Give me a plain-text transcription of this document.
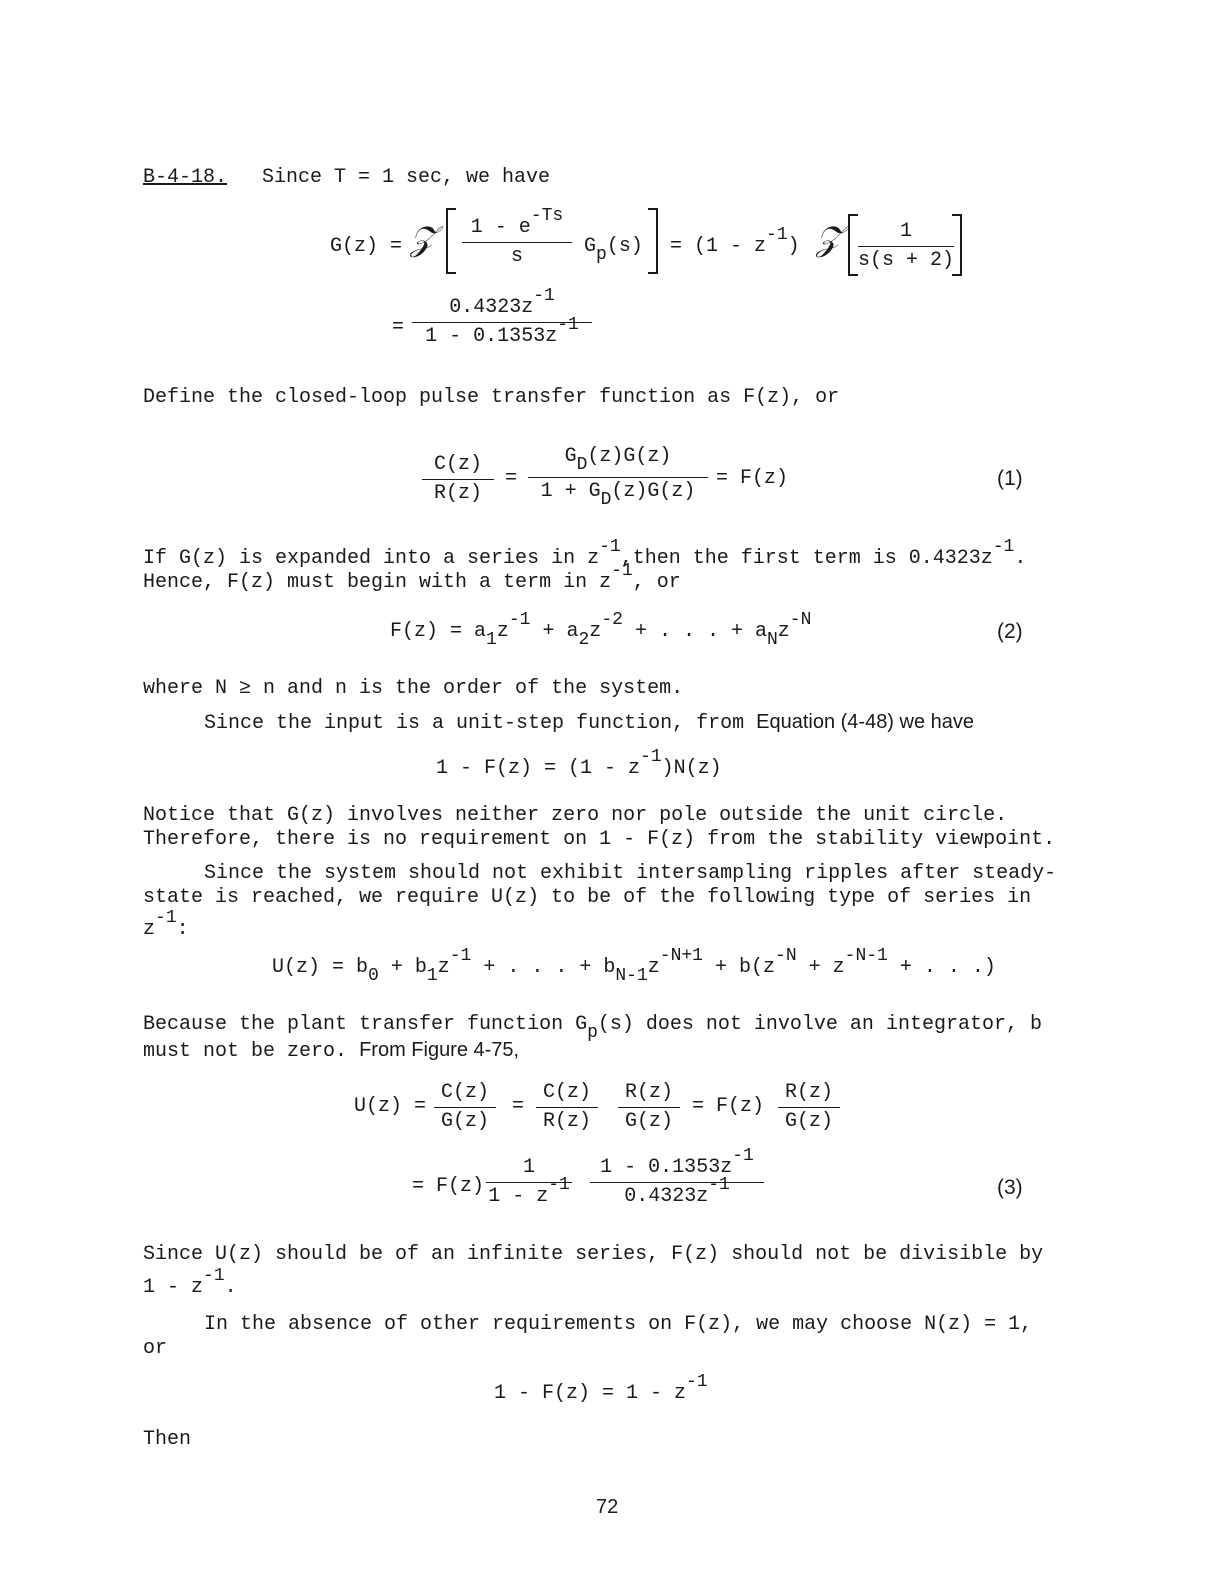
B-4-18. Since T = 1 sec, we have
G(z) = 𝒵	1 - e-Ts
s	Gp(s) = (1 - z-1) 𝒵	1
s(s + 2)
=
0.4323z-1
1 - 0.1353z-1
Define the closed-loop pulse transfer function as F(z), or
C(z)
R(z)
=
GD(z)G(z)
1 + GD(z)G(z)
= F(z)	(1)
If G(z) is expanded into a series in z-1,then the first term is 0.4323z-1.
Hence, F(z) must begin with a term in z-1, or
F(z) = a1z-1 + a2z-2 + . . . + aNz-N	(2)
where N ≥ n and n is the order of the system.
Since the input is a unit-step function, from Equation (4-48) we have
1 - F(z) = (1 - z-1)N(z)
Notice that G(z) involves neither zero nor pole outside the unit circle.
Therefore, there is no requirement on 1 - F(z) from the stability viewpoint.
Since the system should not exhibit intersampling ripples after steady-
state is reached, we require U(z) to be of the following type of series in
z-1:
U(z) = b0 + b1z-1 + . . . + bN-1z-N+1 + b(z-N + z-N-1 + . . .)
Because the plant transfer function Gp(s) does not involve an integrator, b
must not be zero. From Figure 4-75,
U(z) =
C(z)
G(z)
=
C(z)
R(z)
R(z)
G(z)
= F(z)
R(z)
G(z)
= F(z)
1
1 - z-1
1 - 0.1353z-1
0.4323z-1	(3)
Since U(z) should be of an infinite series, F(z) should not be divisible by
1 - z-1.
In the absence of other requirements on F(z), we may choose N(z) = 1,
or
1 - F(z) = 1 - z-1
Then
72
